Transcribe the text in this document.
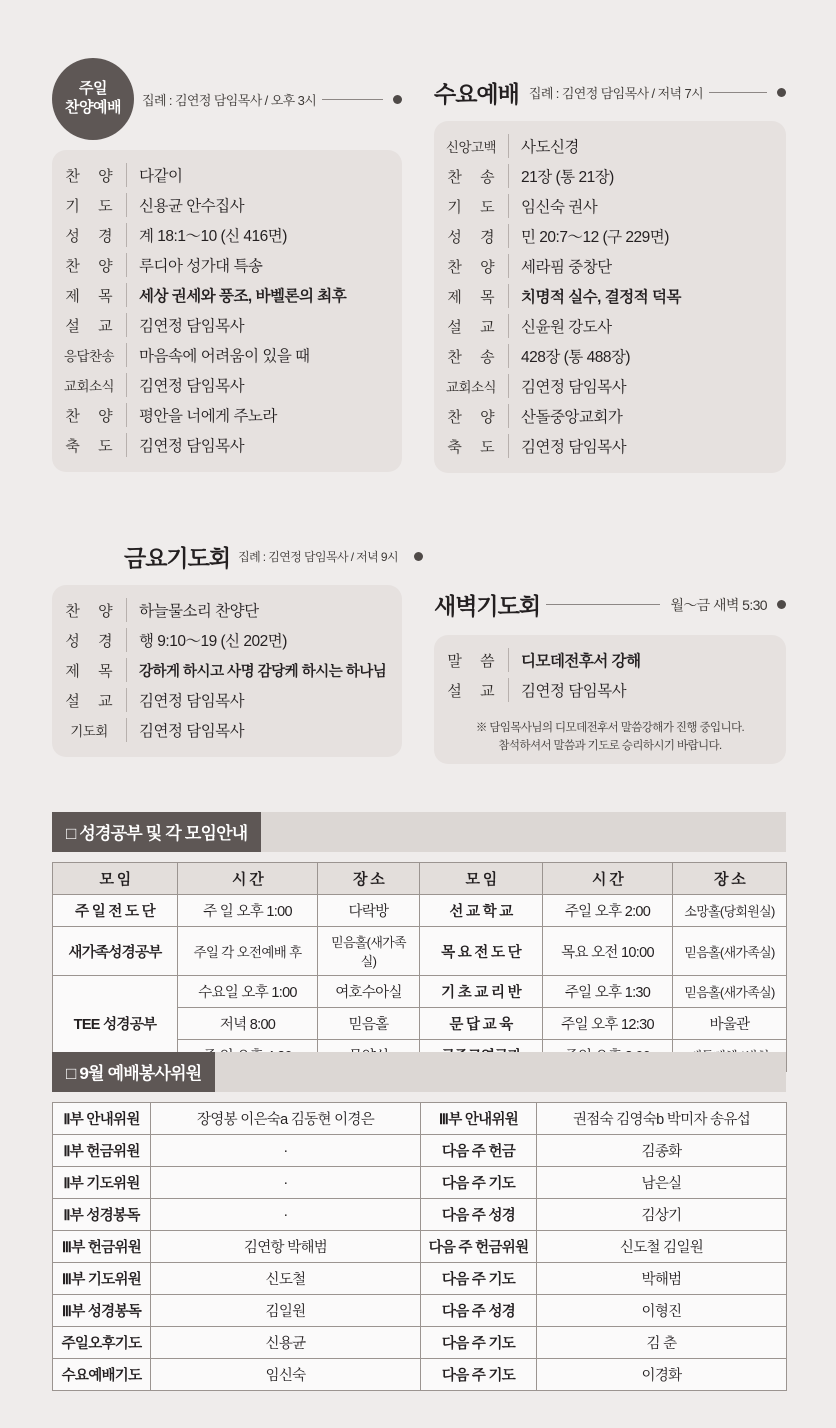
주일
찬양예배 집례 : 김연정 담임목사 / 오후 3시
찬 양	다같이
기 도	신용균 안수집사
성 경	계 18:1〜10 (신 416면)
찬 양	루디아 성가대 특송
제 목	세상 권세와 풍조, 바벨론의 최후
설 교	김연정 담임목사
응답찬송	마음속에 어려움이 있을 때
교회소식	김연정 담임목사
찬 양	평안을 너에게 주노라
축 도	김연정 담임목사
수요예배 집례 : 김연정 담임목사 / 저녁 7시
신앙고백	사도신경
찬 송	21장 (통 21장)
기 도	임신숙 권사
성 경	민 20:7〜12 (구 229면)
찬 양	세라핌 중창단
제 목	치명적 실수, 결정적 덕목
설 교	신윤원 강도사
찬 송	428장 (통 488장)
교회소식	김연정 담임목사
찬 양	산돌중앙교회가
축 도	김연정 담임목사
금요기도회 집례 : 김연정 담임목사 / 저녁 9시
찬 양	하늘물소리 찬양단
성 경	행 9:10〜19 (신 202면)
제 목	강하게 하시고 사명 감당케 하시는 하나님
설 교	김연정 담임목사
기도회	김연정 담임목사
새벽기도회	월〜금 새벽 5:30
말 씀	디모데전후서 강해
설 교	김연정 담임목사
※ 담임목사님의 디모데전후서 말씀강해가 진행 중입니다.
참석하셔서 말씀과 기도로 승리하시기 바랍니다.
□ 성경공부 및 각 모임안내
모 임	시 간	장 소	모 임	시 간	장 소
주 일 전 도 단	주 일 오후 1:00	다락방	선 교 학 교	주일 오후 2:00	소망홀(당회원실)
새가족성경공부	주일 각 오전예배 후	믿음홀(새가족실)	목 요 전 도 단	목요 오전 10:00	믿음홀(새가족실)
TEE 성경공부	수요일 오후 1:00	여호수아실	기 초 교 리 반	주일 오후 1:30	믿음홀(새가족실)
	저녁 8:00	믿음홀	문 답 교 육	주일 오후 12:30	바울관

□ 9월 예배봉사위원
Ⅱ부 안내위원	장영봉 이은숙a 김동현 이경은	Ⅲ부 안내위원	권점숙 김영숙b 박미자 송유섭
Ⅱ부 헌금위원	·	다음 주 헌금	김종화
Ⅱ부 기도위원	·	다음 주 기도	남은실
Ⅱ부 성경봉독	·	다음 주 성경	김상기
Ⅲ부 헌금위원	김연항 박해범	다음 주 헌금위원	신도철 김일원
Ⅲ부 기도위원	신도철	다음 주 기도	박해범
Ⅲ부 성경봉독	김일원	다음 주 성경	이형진
주일오후기도	신용균	다음 주 기도	김 춘
수요예배기도	임신숙	다음 주 기도	이경화
